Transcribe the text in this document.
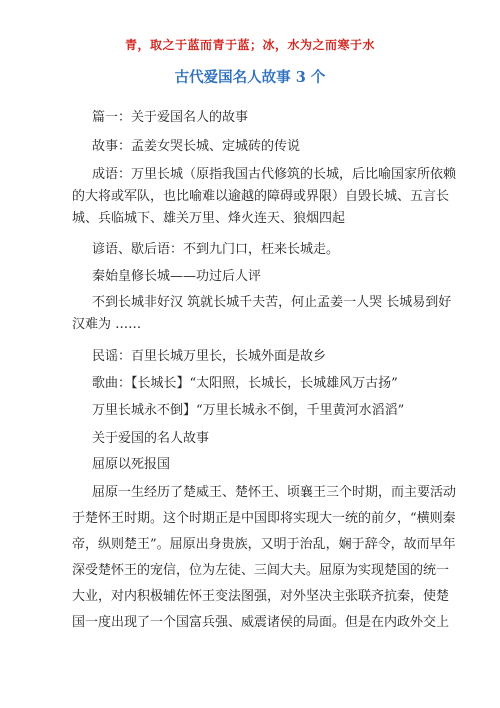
青，取之于蓝而青于蓝；冰，水为之而寒于水
古代爱国名人故事 3 个
篇一：关于爱国名人的故事
故事：孟姜女哭长城、定城砖的传说
成语：万里长城（原指我国古代修筑的长城，后比喻国家所依赖
的大将或军队，也比喻难以逾越的障碍或界限）自毁长城、五言长
城、兵临城下、雄关万里、烽火连天、狼烟四起
谚语、歇后语：不到九门口，枉来长城走。
秦始皇修长城——功过后人评
不到长城非好汉 筑就长城千夫苦，何止孟姜一人哭 长城易到好
汉难为 ……
民谣：百里长城万里长，长城外面是故乡
歌曲：【长城长】“太阳照，长城长，长城雄风万古扬”
万里长城永不倒】“万里长城永不倒，千里黄河水滔滔”
关于爱国的名人故事
屈原以死报国
屈原一生经历了楚威王、楚怀王、顷襄王三个时期，而主要活动
于楚怀王时期。这个时期正是中国即将实现大一统的前夕，“横则秦
帝，纵则楚王”。屈原出身贵族，又明于治乱，娴于辞令，故而早年
深受楚怀王的宠信，位为左徒、三闾大夫。屈原为实现楚国的统一
大业，对内积极辅佐怀王变法图强，对外坚决主张联齐抗秦，使楚
国一度出现了一个国富兵强、威震诸侯的局面。但是在内政外交上
